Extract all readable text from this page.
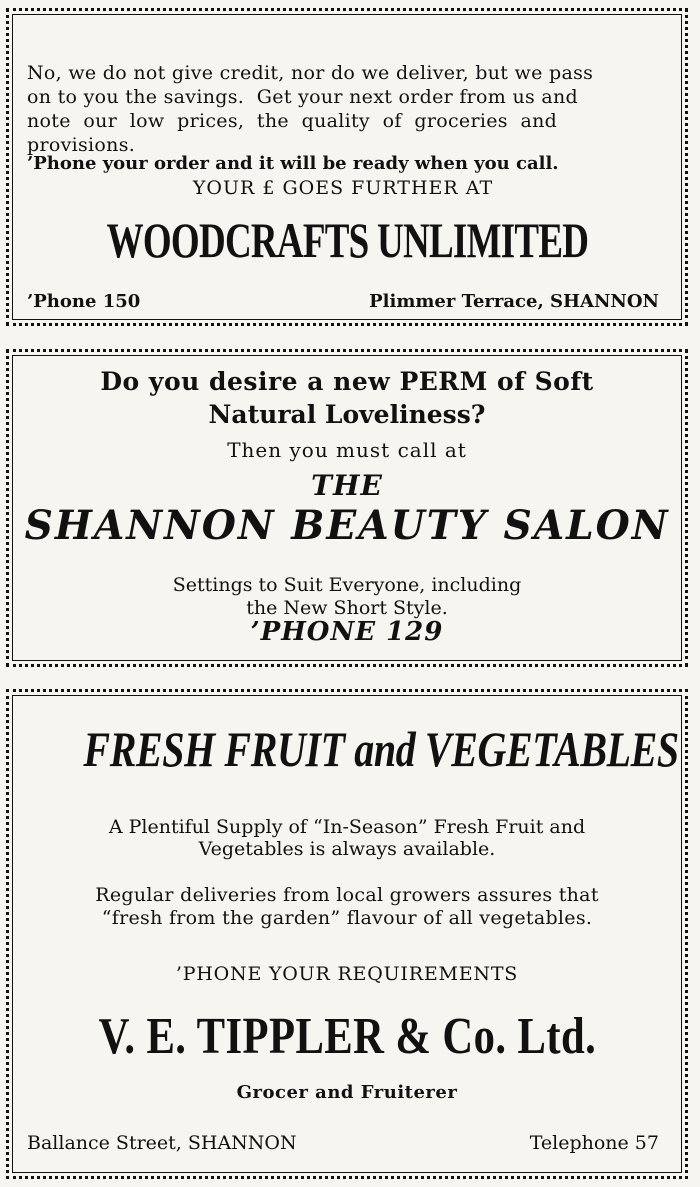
No, we do not give credit, nor do we deliver, but we pass
on to you the savings.  Get your next order from us and
note  our  low  prices,  the  quality  of  groceries  and
provisions.
’Phone your order and it will be ready when you call.
YOUR £ GOES FURTHER AT
WOODCRAFTS UNLIMITED
’Phone 150	Plimmer Terrace, SHANNON
Do you desire a new PERM of Soft
Natural Loveliness?
Then you must call at
THE
SHANNON BEAUTY SALON
Settings to Suit Everyone, including
the New Short Style.
’PHONE 129
FRESH FRUIT and VEGETABLES
A Plentiful Supply of “In-Season” Fresh Fruit and
Vegetables is always available.
Regular deliveries from local growers assures that
“fresh from the garden” flavour of all vegetables.
’PHONE YOUR REQUIREMENTS
V. E. TIPPLER & Co. Ltd.
Grocer and Fruiterer
Ballance Street, SHANNON	Telephone 57
